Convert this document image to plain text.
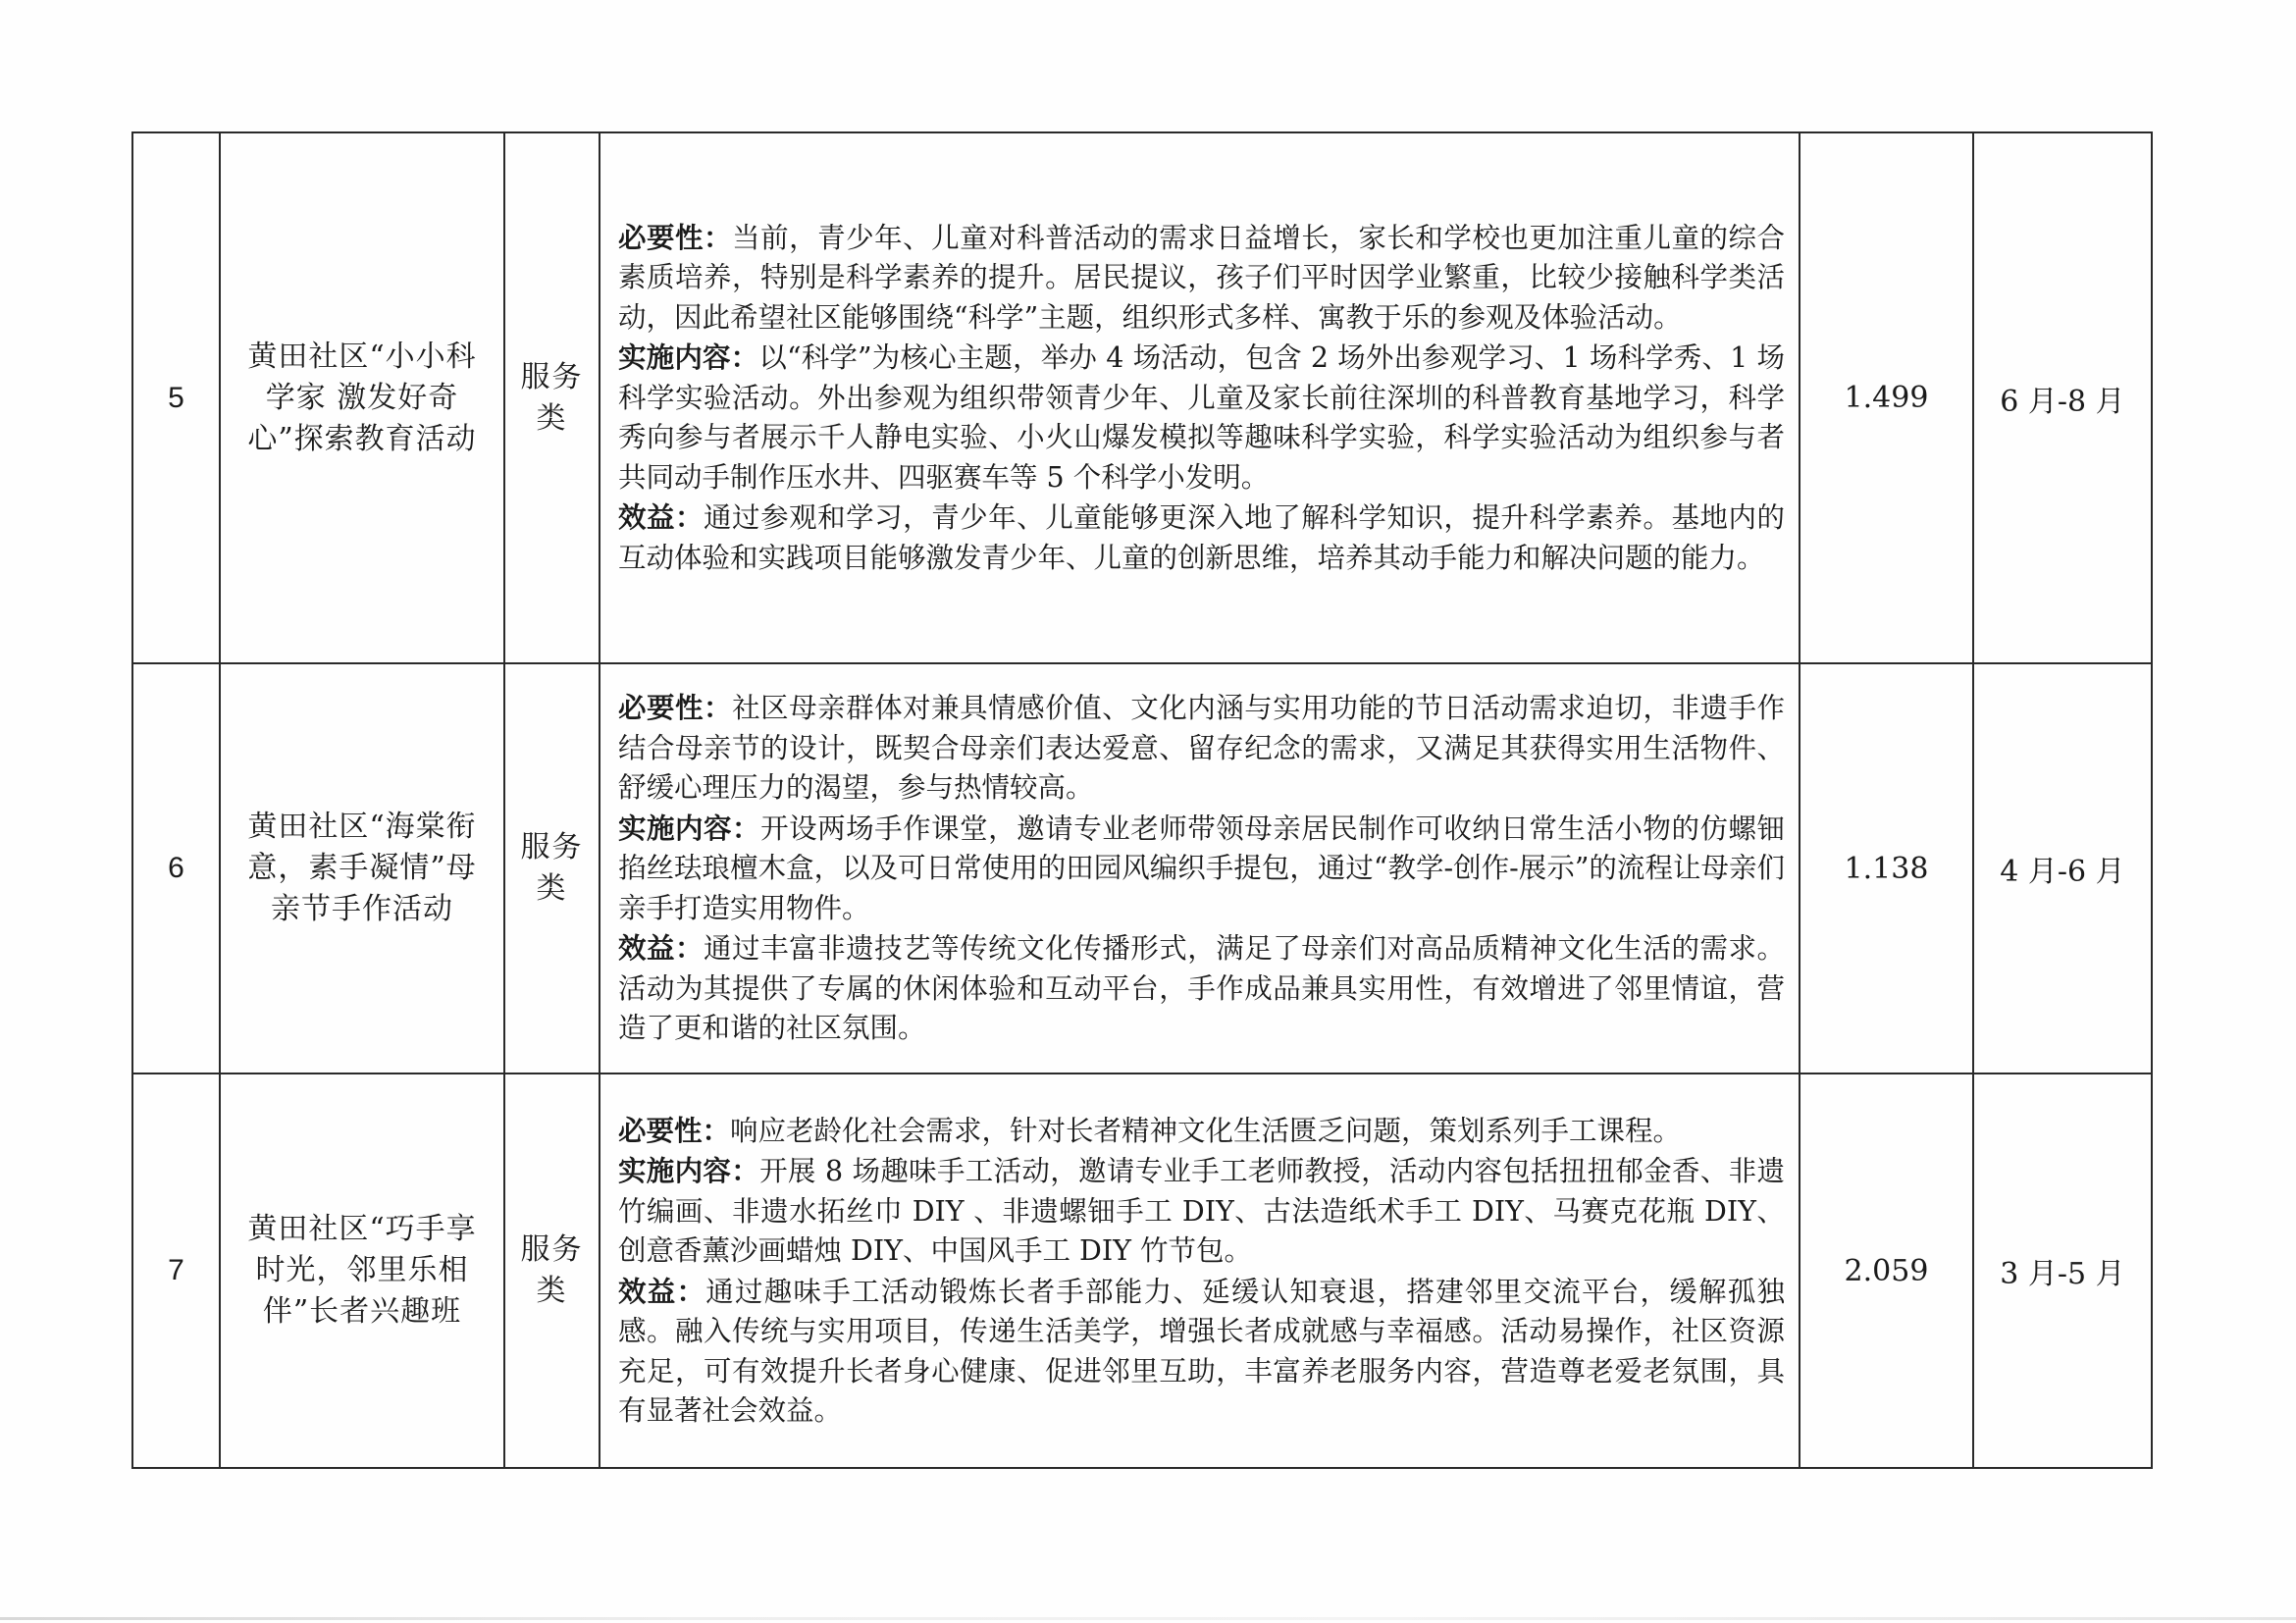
5	黄田社区“小小科学家 激发好奇心”探索教育活动	服务类	必要性：当前，青少年、儿童对科普活动的需求日益增长，家长和学校也更加注重儿童的综合素质培养，特别是科学素养的提升。居民提议，孩子们平时因学业繁重，比较少接触科学类活动，因此希望社区能够围绕“科学”主题，组织形式多样、寓教于乐的参观及体验活动。

实施内容：以“科学”为核心主题，举办 4 场活动，包含 2 场外出参观学习、1 场科学秀、1 场科学实验活动。外出参观为组织带领青少年、儿童及家长前往深圳的科普教育基地学习，科学秀向参与者展示千人静电实验、小火山爆发模拟等趣味科学实验，科学实验活动为组织参与者共同动手制作压水井、四驱赛车等 5 个科学小发明。

效益：通过参观和学习，青少年、儿童能够更深入地了解科学知识，提升科学素养。基地内的互动体验和实践项目能够激发青少年、儿童的创新思维，培养其动手能力和解决问题的能力。	1.499	6 月-8 月
6	黄田社区“海棠衔意，素手凝情”母亲节手作活动	服务类	必要性：社区母亲群体对兼具情感价值、文化内涵与实用功能的节日活动需求迫切，非遗手作结合母亲节的设计，既契合母亲们表达爱意、留存纪念的需求，又满足其获得实用生活物件、舒缓心理压力的渴望，参与热情较高。

实施内容：开设两场手作课堂，邀请专业老师带领母亲居民制作可收纳日常生活小物的仿螺钿掐丝珐琅檀木盒，以及可日常使用的田园风编织手提包，通过“教学-创作-展示”的流程让母亲们亲手打造实用物件。

效益：通过丰富非遗技艺等传统文化传播形式，满足了母亲们对高品质精神文化生活的需求。活动为其提供了专属的休闲体验和互动平台，手作成品兼具实用性，有效增进了邻里情谊，营造了更和谐的社区氛围。	1.138	4 月-6 月
7	黄田社区“巧手享时光，邻里乐相伴”长者兴趣班	服务类	必要性：响应老龄化社会需求，针对长者精神文化生活匮乏问题，策划系列手工课程。

实施内容：开展 8 场趣味手工活动，邀请专业手工老师教授，活动内容包括扭扭郁金香、非遗竹编画、非遗水拓丝巾 DIY 、非遗螺钿手工 DIY、古法造纸术手工 DIY、马赛克花瓶 DIY、创意香薰沙画蜡烛 DIY、中国风手工 DIY 竹节包。

效益：通过趣味手工活动锻炼长者手部能力、延缓认知衰退，搭建邻里交流平台，缓解孤独感。融入传统与实用项目，传递生活美学，增强长者成就感与幸福感。活动易操作，社区资源充足，可有效提升长者身心健康、促进邻里互助，丰富养老服务内容，营造尊老爱老氛围，具有显著社会效益。	2.059	3 月-5 月
